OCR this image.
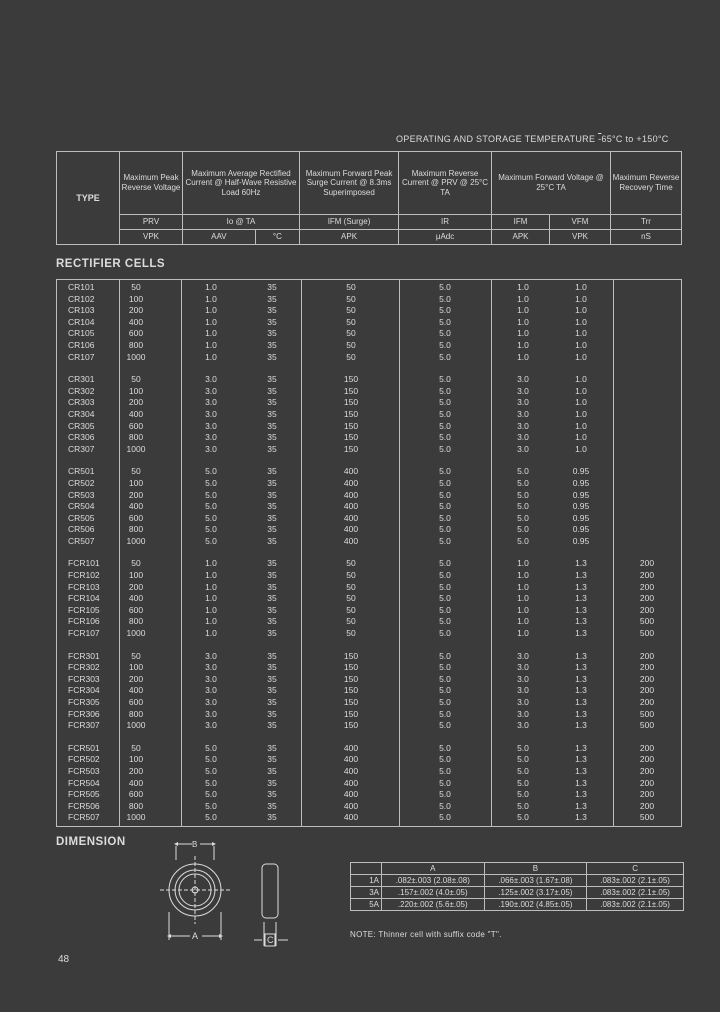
OPERATING AND STORAGE TEMPERATURE -65°C to +150°C
TYPE	Maximum Peak Reverse Voltage	Maximum Average Rectified Current @ Half-Wave Resistive Load 60Hz		Maximum Forward Peak Surge Current @ 8.3ms Superimposed	Maximum Reverse Current @ PRV @ 25°C TA	Maximum Forward Voltage @ 25°C TA		Maximum Reverse Recovery Time
	PRV	Io @ TA		IFM (Surge)	IR	IFM	VFM	Trr
	VPK	AAV	°C	APK	μAdc	APK	VPK	nS
RECTIFIER CELLS
CR101	50	1.0	35	50	5.0	1.0	1.0
CR102	100	1.0	35	50	5.0	1.0	1.0
CR103	200	1.0	35	50	5.0	1.0	1.0
CR104	400	1.0	35	50	5.0	1.0	1.0
CR105	600	1.0	35	50	5.0	1.0	1.0
CR106	800	1.0	35	50	5.0	1.0	1.0
CR107	1000	1.0	35	50	5.0	1.0	1.0
CR301	50	3.0	35	150	5.0	3.0	1.0
CR302	100	3.0	35	150	5.0	3.0	1.0
CR303	200	3.0	35	150	5.0	3.0	1.0
CR304	400	3.0	35	150	5.0	3.0	1.0
CR305	600	3.0	35	150	5.0	3.0	1.0
CR306	800	3.0	35	150	5.0	3.0	1.0
CR307	1000	3.0	35	150	5.0	3.0	1.0
CR501	50	5.0	35	400	5.0	5.0	0.95
CR502	100	5.0	35	400	5.0	5.0	0.95
CR503	200	5.0	35	400	5.0	5.0	0.95
CR504	400	5.0	35	400	5.0	5.0	0.95
CR505	600	5.0	35	400	5.0	5.0	0.95
CR506	800	5.0	35	400	5.0	5.0	0.95
CR507	1000	5.0	35	400	5.0	5.0	0.95
FCR101	50	1.0	35	50	5.0	1.0	1.3	200
FCR102	100	1.0	35	50	5.0	1.0	1.3	200
FCR103	200	1.0	35	50	5.0	1.0	1.3	200
FCR104	400	1.0	35	50	5.0	1.0	1.3	200
FCR105	600	1.0	35	50	5.0	1.0	1.3	200
FCR106	800	1.0	35	50	5.0	1.0	1.3	500
FCR107	1000	1.0	35	50	5.0	1.0	1.3	500
FCR301	50	3.0	35	150	5.0	3.0	1.3	200
FCR302	100	3.0	35	150	5.0	3.0	1.3	200
FCR303	200	3.0	35	150	5.0	3.0	1.3	200
FCR304	400	3.0	35	150	5.0	3.0	1.3	200
FCR305	600	3.0	35	150	5.0	3.0	1.3	200
FCR306	800	3.0	35	150	5.0	3.0	1.3	500
FCR307	1000	3.0	35	150	5.0	3.0	1.3	500
FCR501	50	5.0	35	400	5.0	5.0	1.3	200
FCR502	100	5.0	35	400	5.0	5.0	1.3	200
FCR503	200	5.0	35	400	5.0	5.0	1.3	200
FCR504	400	5.0	35	400	5.0	5.0	1.3	200
FCR505	600	5.0	35	400	5.0	5.0	1.3	200
FCR506	800	5.0	35	400	5.0	5.0	1.3	200
FCR507	1000	5.0	35	400	5.0	5.0	1.3	500
DIMENSION	B
A	C
	A	B	C
1A	.082±.003 (2.08±.08)	.066±.003 (1.67±.08)	.083±.002 (2.1±.05)
3A	.157±.002 (4.0±.05)	.125±.002 (3.17±.05)	.083±.002 (2.1±.05)
5A	.220±.002 (5.6±.05)	.190±.002 (4.85±.05)	.083±.002 (2.1±.05)
NOTE: Thinner cell with suffix code "T".
48
